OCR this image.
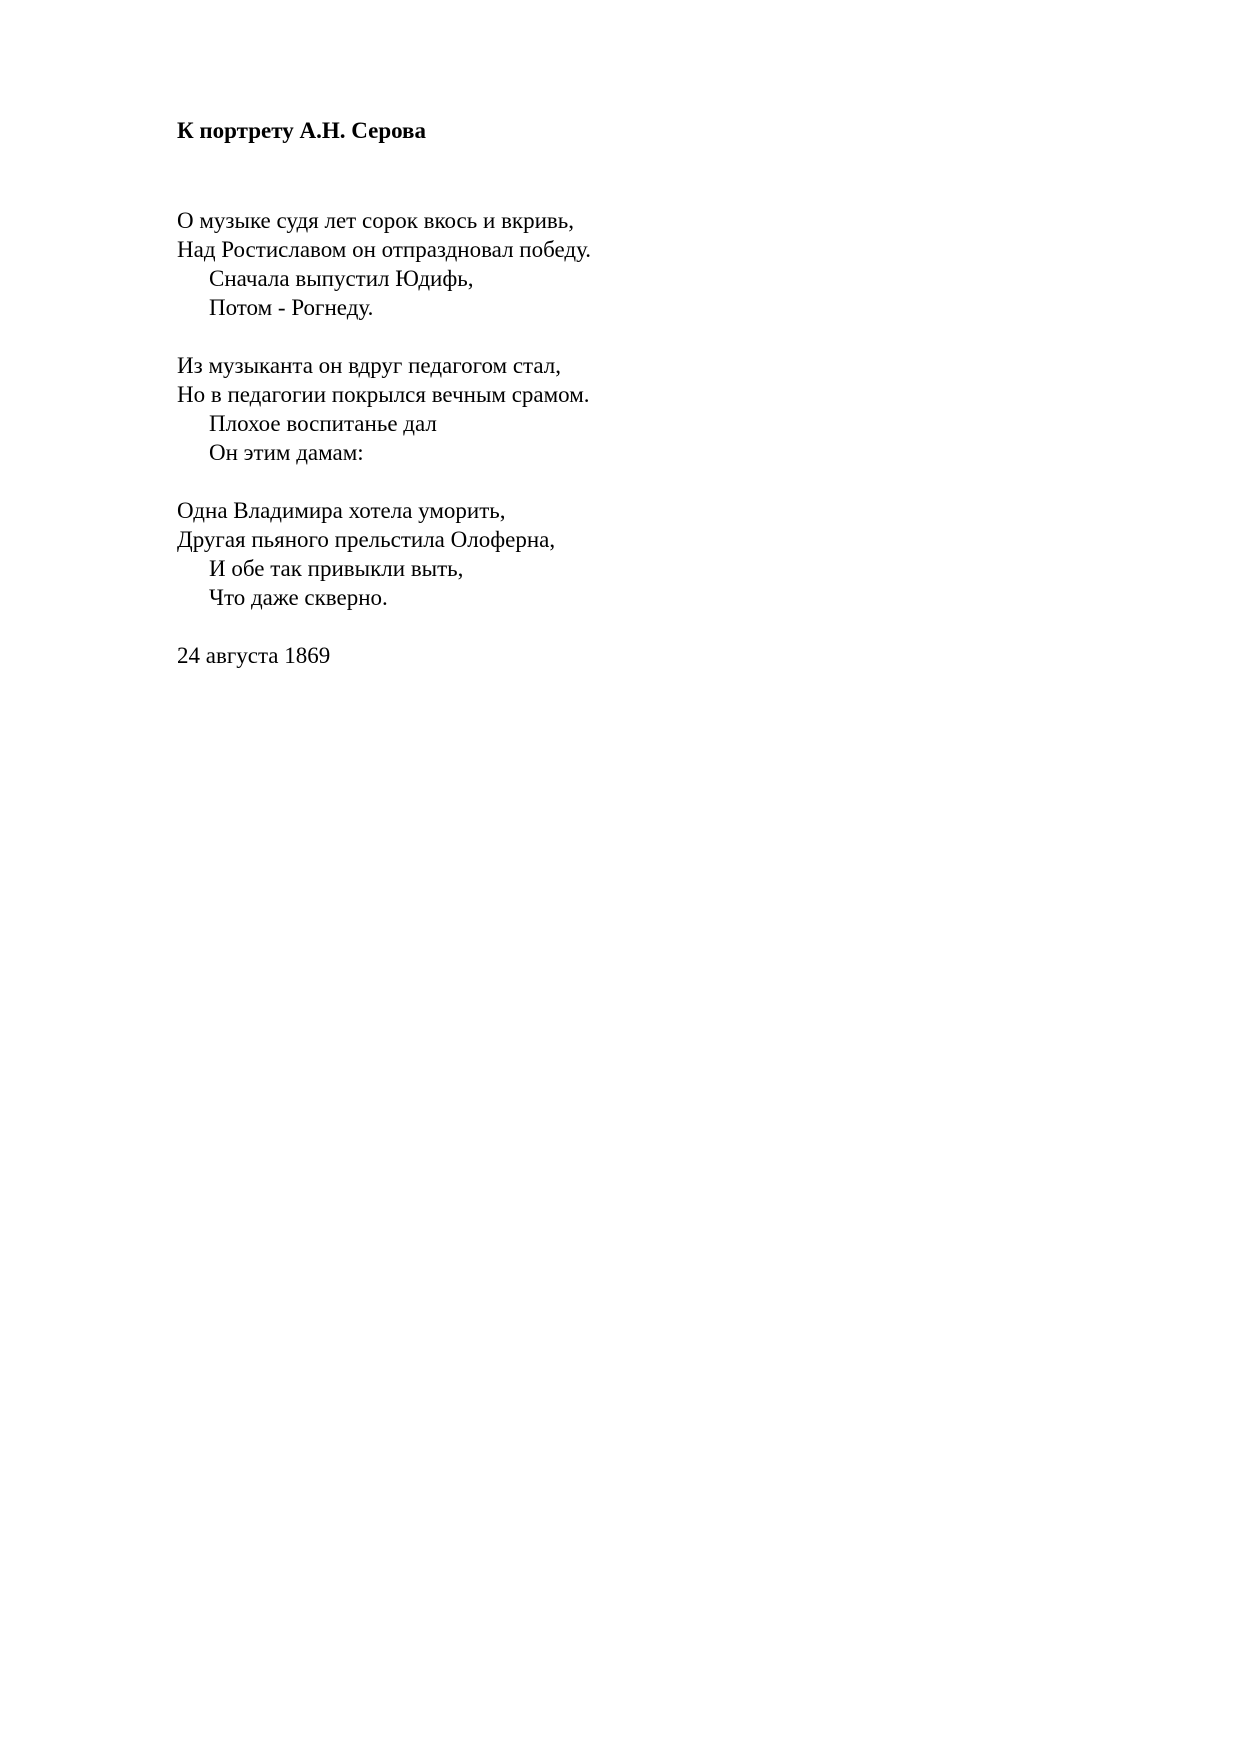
К портрету А.Н. Серова
О музыке судя лет сорок вкось и вкривь,
Над Ростиславом он отпраздновал победу.
Сначала выпустил Юдифь,
Потом - Рогнеду.
Из музыканта он вдруг педагогом стал,
Но в педагогии покрылся вечным срамом.
Плохое воспитанье дал
Он этим дамам:
Одна Владимира хотела уморить,
Другая пьяного прельстила Олоферна,
И обе так привыкли выть,
Что даже скверно.
24 августа 1869
